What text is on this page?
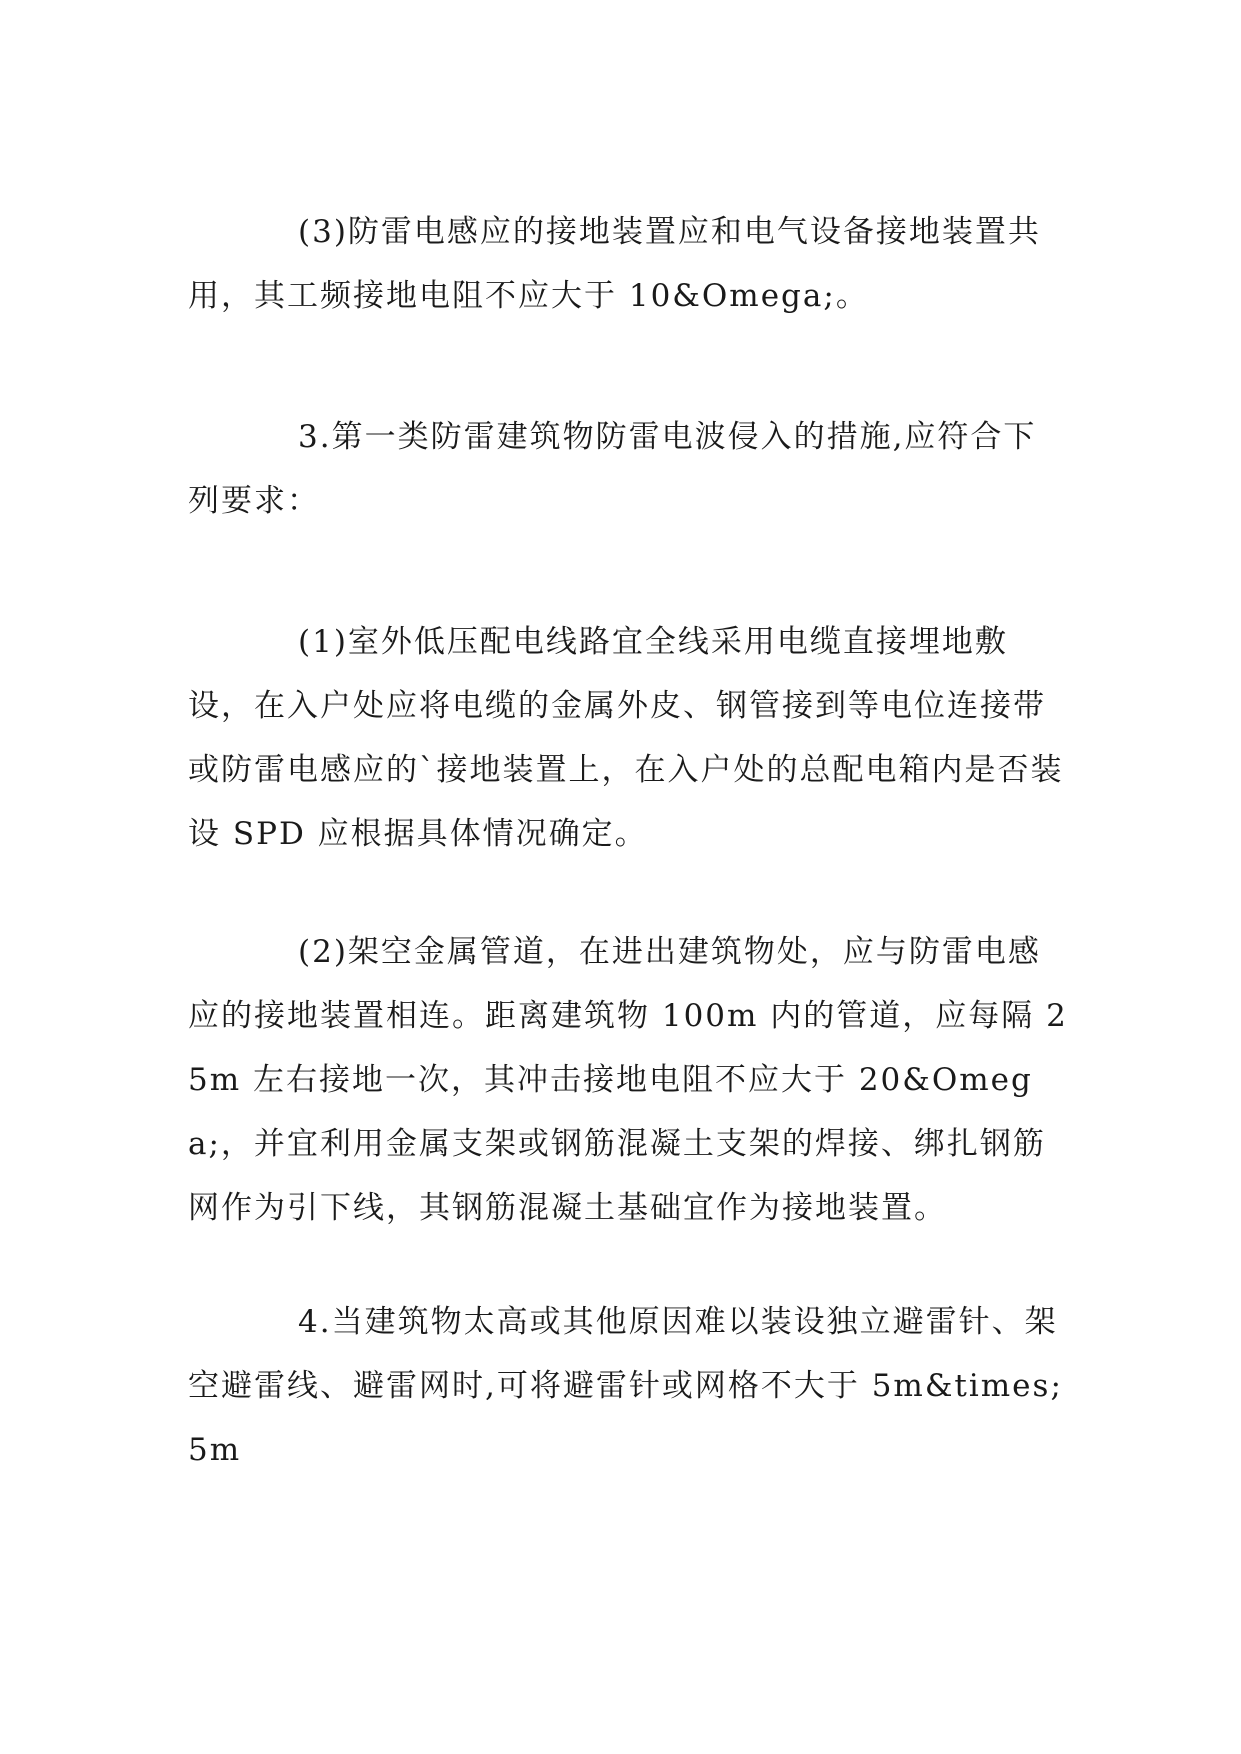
(3)防雷电感应的接地装置应和电气设备接地装置共用，其工频接地电阻不应大于 10&Omega;。

3.第一类防雷建筑物防雷电波侵入的措施,应符合下列要求：

(1)室外低压配电线路宜全线采用电缆直接埋地敷设，在入户处应将电缆的金属外皮、钢管接到等电位连接带或防雷电感应的`接地装置上，在入户处的总配电箱内是否装设 SPD 应根据具体情况确定。

(2)架空金属管道，在进出建筑物处，应与防雷电感应的接地装置相连。距离建筑物 100m 内的管道，应每隔 25m 左右接地一次，其冲击接地电阻不应大于 20&Omega;，并宜利用金属支架或钢筋混凝土支架的焊接、绑扎钢筋网作为引下线，其钢筋混凝土基础宜作为接地装置。

4.当建筑物太高或其他原因难以装设独立避雷针、架空避雷线、避雷网时,可将避雷针或网格不大于 5m&times;5m
